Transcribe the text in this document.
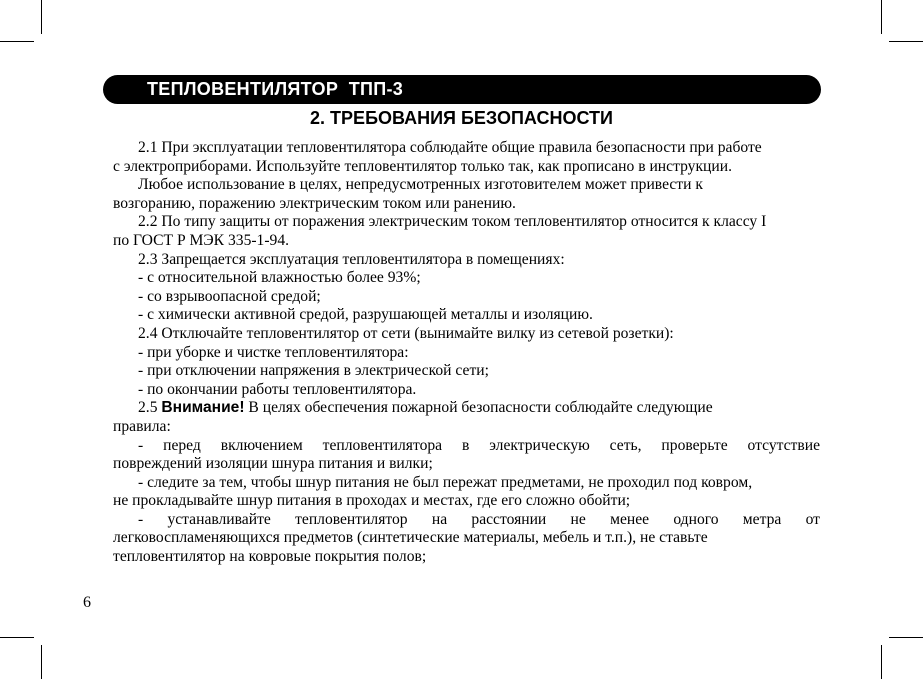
ТЕПЛОВЕНТИЛЯТОР  ТПП-3
2. ТРЕБОВАНИЯ БЕЗОПАСНОСТИ
2.1 При эксплуатации тепловентилятора соблюдайте общие правила безопасности при работе
с электроприборами. Используйте тепловентилятор только так, как прописано в инструкции.
Любое использование в целях, непредусмотренных изготовителем может привести к
возгоранию, поражению электрическим током или ранению.
2.2 По типу защиты от поражения электрическим током тепловентилятор относится к классу I
по ГОСТ Р МЭК 335-1-94.
2.3 Запрещается эксплуатация тепловентилятора в помещениях:
- с относительной влажностью более 93%;
- со взрывоопасной средой;
- с химически активной средой, разрушающей металлы и изоляцию.
2.4 Отключайте тепловентилятор от сети (вынимайте вилку из сетевой розетки):
- при уборке и чистке тепловентилятора:
- при отключении напряжения в электрической сети;
- по окончании работы тепловентилятора.
2.5 Внимание! В целях обеспечения пожарной безопасности соблюдайте следующие
правила:
- перед включением тепловентилятора в электрическую сеть, проверьте отсутствие
повреждений изоляции шнура питания и вилки;
- следите за тем, чтобы шнур питания не был пережат предметами, не проходил под ковром,
не прокладывайте шнур питания в проходах и местах, где его сложно обойти;
- устанавливайте тепловентилятор на расстоянии не менее одного метра от
легковоспламеняющихся предметов (синтетические материалы, мебель и т.п.), не ставьте
тепловентилятор на ковровые покрытия полов;
6
